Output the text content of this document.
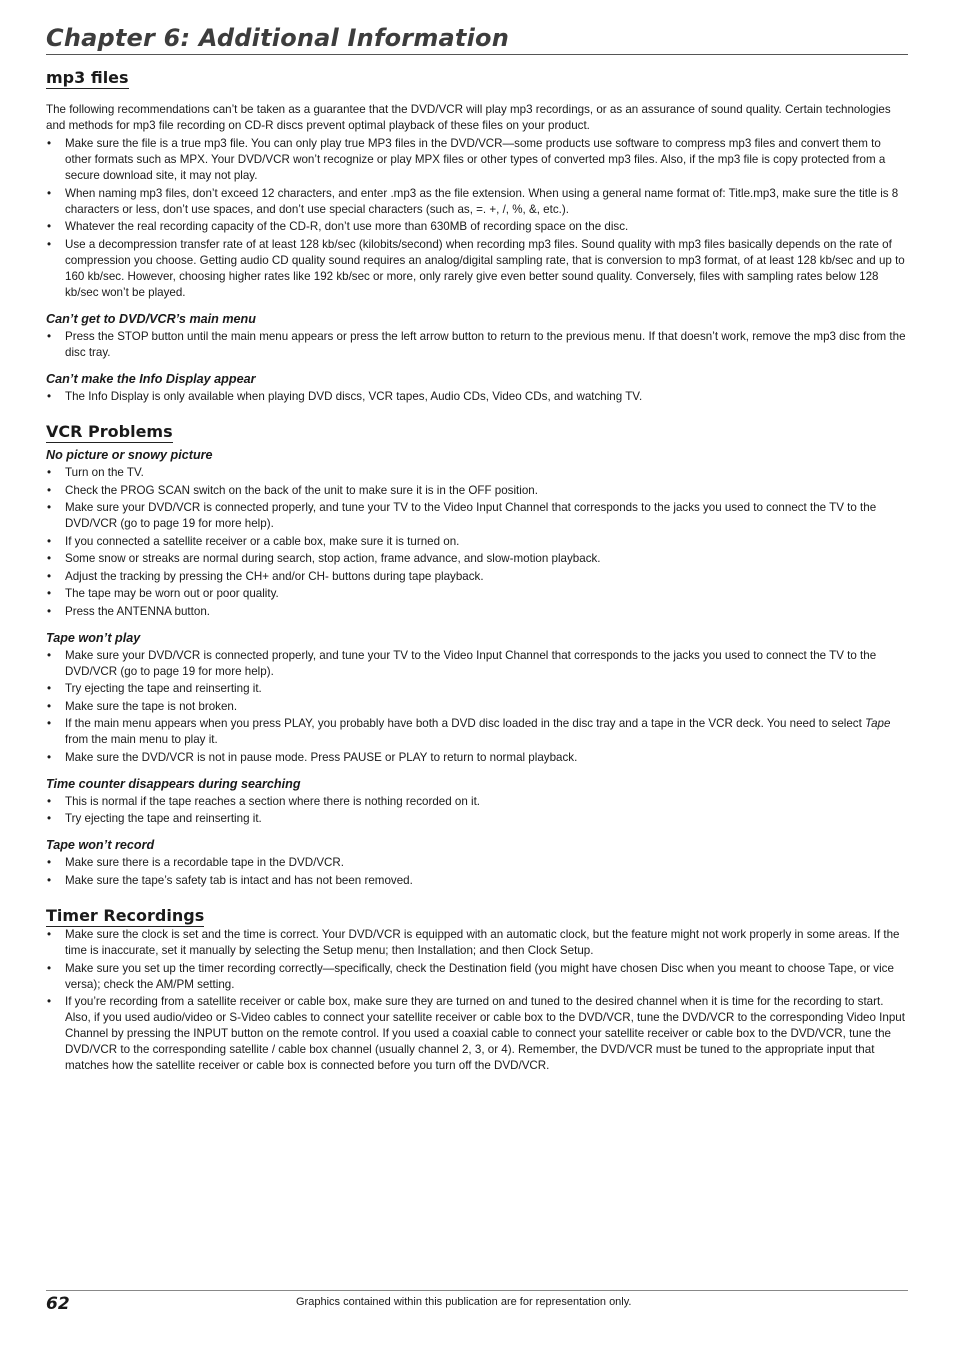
Chapter 6: Additional Information
mp3 files

The following recommendations can’t be taken as a guarantee that the DVD/VCR will play mp3 recordings, or as an assurance of sound quality. Certain technologies and methods for mp3 file recording on CD-R discs prevent optimal playback of these files on your product.

• Make sure the file is a true mp3 file. You can only play true MP3 files in the DVD/VCR—some products use software to compress mp3 files and convert them to other formats such as MPX. Your DVD/VCR won’t recognize or play MPX files or other types of converted mp3 files. Also, if the mp3 file is copy protected from a secure download site, it may not play.
• When naming mp3 files, don’t exceed 12 characters, and enter .mp3 as the file extension. When using a general name format of: Title.mp3, make sure the title is 8 characters or less, don’t use spaces, and don’t use special characters (such as, =. +, /, %, &, etc.).
• Whatever the real recording capacity of the CD-R, don’t use more than 630MB of recording space on the disc.
• Use a decompression transfer rate of at least 128 kb/sec (kilobits/second) when recording mp3 files. Sound quality with mp3 files basically depends on the rate of compression you choose. Getting audio CD quality sound requires an analog/digital sampling rate, that is conversion to mp3 format, of at least 128 kb/sec and up to 160 kb/sec. However, choosing higher rates like 192 kb/sec or more, only rarely give even better sound quality. Conversely, files with sampling rates below 128 kb/sec won’t be played.
Can’t get to DVD/VCR’s main menu
• Press the STOP button until the main menu appears or press the left arrow button to return to the previous menu. If that doesn’t work, remove the mp3 disc from the disc tray.
Can’t make the Info Display appear
• The Info Display is only available when playing DVD discs, VCR tapes, Audio CDs, Video CDs, and watching TV.
VCR Problems
No picture or snowy picture
• Turn on the TV.
• Check the PROG SCAN switch on the back of the unit to make sure it is in the OFF position.
• Make sure your DVD/VCR is connected properly, and tune your TV to the Video Input Channel that corresponds to the jacks you used to connect the TV to the DVD/VCR (go to page 19 for more help).
• If you connected a satellite receiver or a cable box, make sure it is turned on.
• Some snow or streaks are normal during search, stop action, frame advance, and slow-motion playback.
• Adjust the tracking by pressing the CH+ and/or CH- buttons during tape playback.
• The tape may be worn out or poor quality.
• Press the ANTENNA button.
Tape won’t play
• Make sure your DVD/VCR is connected properly, and tune your TV to the Video Input Channel that corresponds to the jacks you used to connect the TV to the DVD/VCR (go to page 19 for more help).
• Try ejecting the tape and reinserting it.
• Make sure the tape is not broken.
• If the main menu appears when you press PLAY, you probably have both a DVD disc loaded in the disc tray and a tape in the VCR deck. You need to select Tape from the main menu to play it.
• Make sure the DVD/VCR is not in pause mode. Press PAUSE or PLAY to return to normal playback.
Time counter disappears during searching
• This is normal if the tape reaches a section where there is nothing recorded on it.
• Try ejecting the tape and reinserting it.
Tape won’t record
• Make sure there is a recordable tape in the DVD/VCR.
• Make sure the tape’s safety tab is intact and has not been removed.
Timer Recordings
• Make sure the clock is set and the time is correct. Your DVD/VCR is equipped with an automatic clock, but the feature might not work properly in some areas. If the time is inaccurate, set it manually by selecting the Setup menu; then Installation; and then Clock Setup.
• Make sure you set up the timer recording correctly—specifically, check the Destination field (you might have chosen Disc when you meant to choose Tape, or vice versa); check the AM/PM setting.
• If you’re recording from a satellite receiver or cable box, make sure they are turned on and tuned to the desired channel when it is time for the recording to start. Also, if you used audio/video or S-Video cables to connect your satellite receiver or cable box to the DVD/VCR, tune the DVD/VCR to the corresponding Video Input Channel by pressing the INPUT button on the remote control. If you used a coaxial cable to connect your satellite receiver or cable box to the DVD/VCR, tune the DVD/VCR to the corresponding satellite / cable box channel (usually channel 2, 3, or 4). Remember, the DVD/VCR must be tuned to the appropriate input that matches how the satellite receiver or cable box is connected before you turn off the DVD/VCR.
62	Graphics contained within this publication are for representation only.
